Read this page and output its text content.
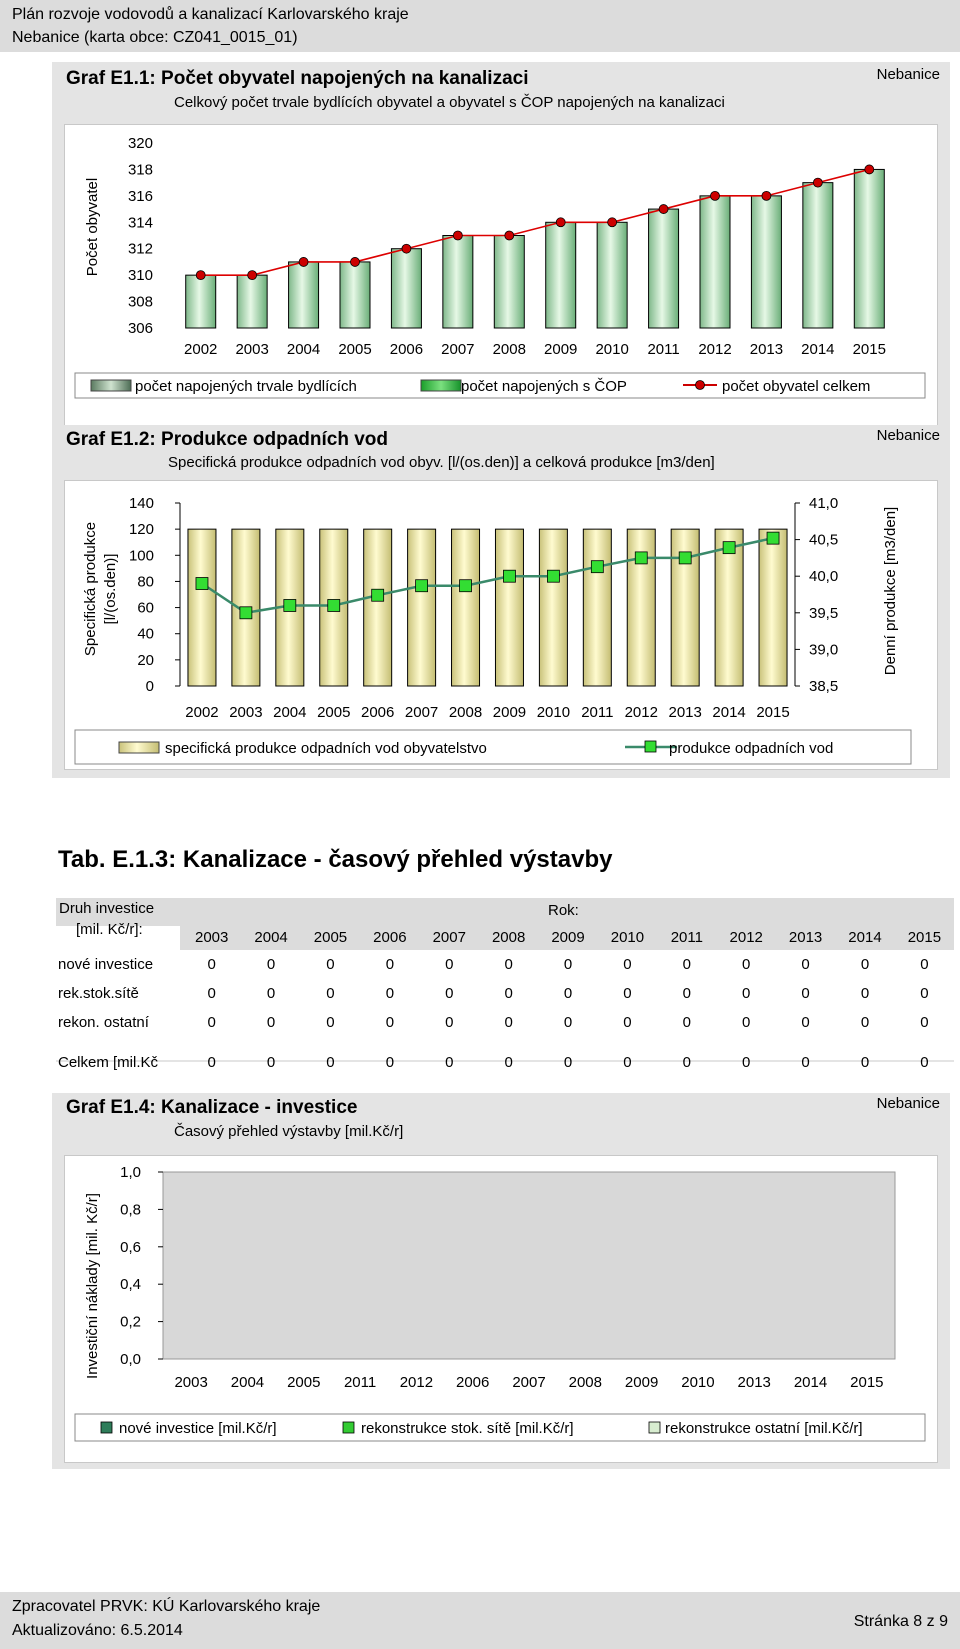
Plán rozvoje vodovodů a kanalizací Karlovarského kraje
Nebanice (karta obce: CZ041_0015_01)
Graf E1.1: Počet obyvatel napojených na kanalizaci
Celkový počet trvale bydlících obyvatel a obyvatel s ČOP napojených na kanalizaci
Nebanice
Počet obyvatel
počet napojených trvale bydlících	počet napojených s ČOP	počet obyvatel celkem
306
308
310
312
314
316
318
320
2002 2003 2004 2005 2006 2007 2008 2009 2010 2011 2012 2013 2014 2015
Graf E1.2: Produkce odpadních vod
Specifická produkce odpadních vod obyv. [l/(os.den)] a celková produkce [m3/den]
Nebanice
Specifická produkce [l/(os.den)]	Denní produkce [m3/den]
specifická produkce odpadních vod obyvatelstvo	produkce odpadních vod
0
20
40
60
80
100
120
140
38,5
39,0
39,5
40,0
40,5
41,0
2002 2003 2004 2005 2006 2007 2008 2009 2010 2011 2012 2013 2014 2015
Tab. E.1.3: Kanalizace - časový přehled výstavby
Druh investice
[mil. Kč/r]:
Rok:
2003	2004	2005	2006	2007	2008	2009	2010	2011	2012	2013	2014	2015
nové investice	0	0	0	0	0	0	0	0	0	0	0	0	0
rek.stok.sítě	0	0	0	0	0	0	0	0	0	0	0	0	0
rekon. ostatní	0	0	0	0	0	0	0	0	0	0	0	0	0
Celkem [mil.Kč	0	0	0	0	0	0	0	0	0	0	0	0	0
Graf E1.4: Kanalizace - investice
Časový přehled výstavby [mil.Kč/r]
Nebanice
Investiční náklady [mil. Kč/r]
nové investice [mil.Kč/r]	rekonstrukce stok. sítě [mil.Kč/r]	rekonstrukce ostatní [mil.Kč/r]
0,0
0,2
0,4
0,6
0,8
1,0
2003 2004 2005 2011 2012 2006 2007 2008 2009 2010 2013 2014 2015
Zpracovatel PRVK: KÚ Karlovarského kraje
Aktualizováno: 6.5.2014
Stránka 8 z 9
